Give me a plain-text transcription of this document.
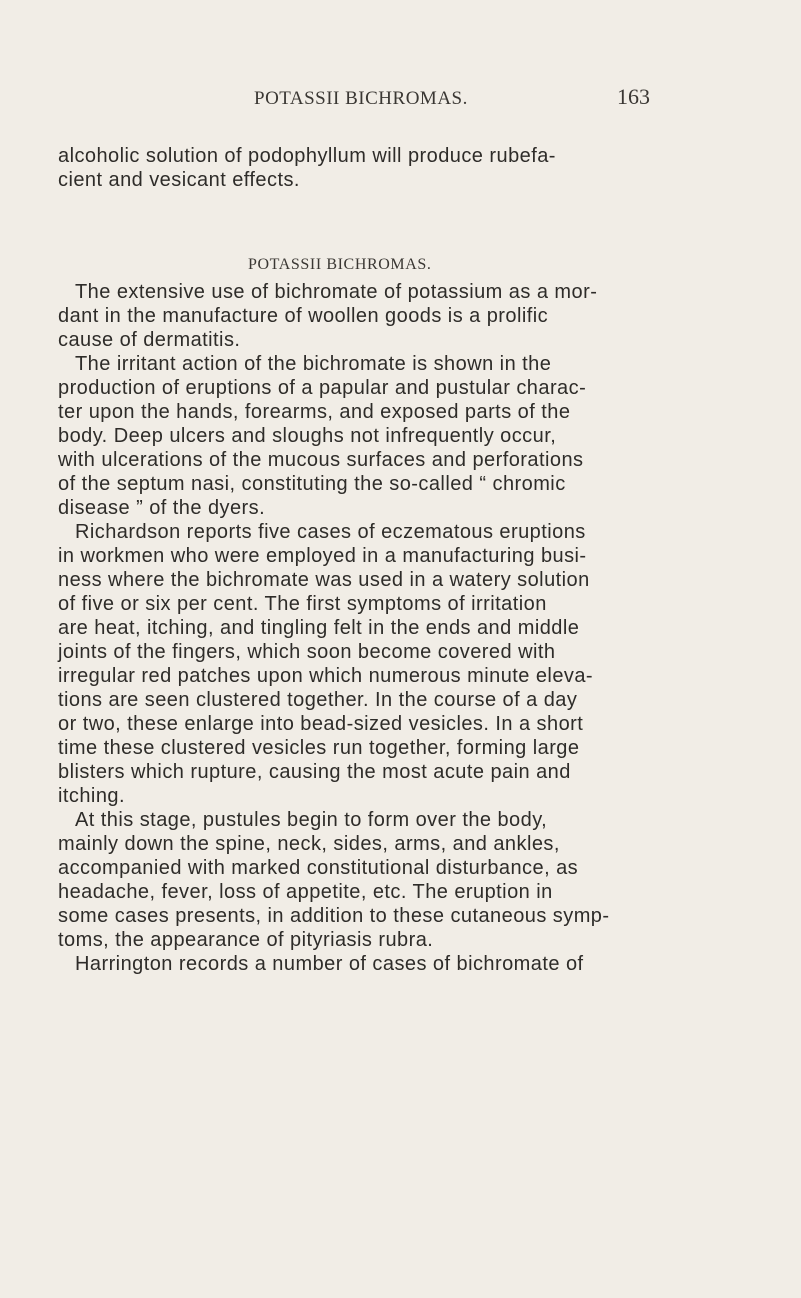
POTASSII BICHROMAS.	163
alcoholic solution of podophyllum will produce rubefa-
cient and vesicant effects.
POTASSII BICHROMAS.
The extensive use of bichromate of potassium as a mor-
dant in the manufacture of woollen goods is a prolific
cause of dermatitis.
The irritant action of the bichromate is shown in the
production of eruptions of a papular and pustular charac-
ter upon the hands, forearms, and exposed parts of the
body. Deep ulcers and sloughs not infrequently occur,
with ulcerations of the mucous surfaces and perforations
of the septum nasi, constituting the so-called “ chromic
disease ” of the dyers.
Richardson reports five cases of eczematous eruptions
in workmen who were employed in a manufacturing busi-
ness where the bichromate was used in a watery solution
of five or six per cent. The first symptoms of irritation
are heat, itching, and tingling felt in the ends and middle
joints of the fingers, which soon become covered with
irregular red patches upon which numerous minute eleva-
tions are seen clustered together. In the course of a day
or two, these enlarge into bead-sized vesicles. In a short
time these clustered vesicles run together, forming large
blisters which rupture, causing the most acute pain and
itching.
At this stage, pustules begin to form over the body,
mainly down the spine, neck, sides, arms, and ankles,
accompanied with marked constitutional disturbance, as
headache, fever, loss of appetite, etc. The eruption in
some cases presents, in addition to these cutaneous symp-
toms, the appearance of pityriasis rubra.
Harrington records a number of cases of bichromate of
